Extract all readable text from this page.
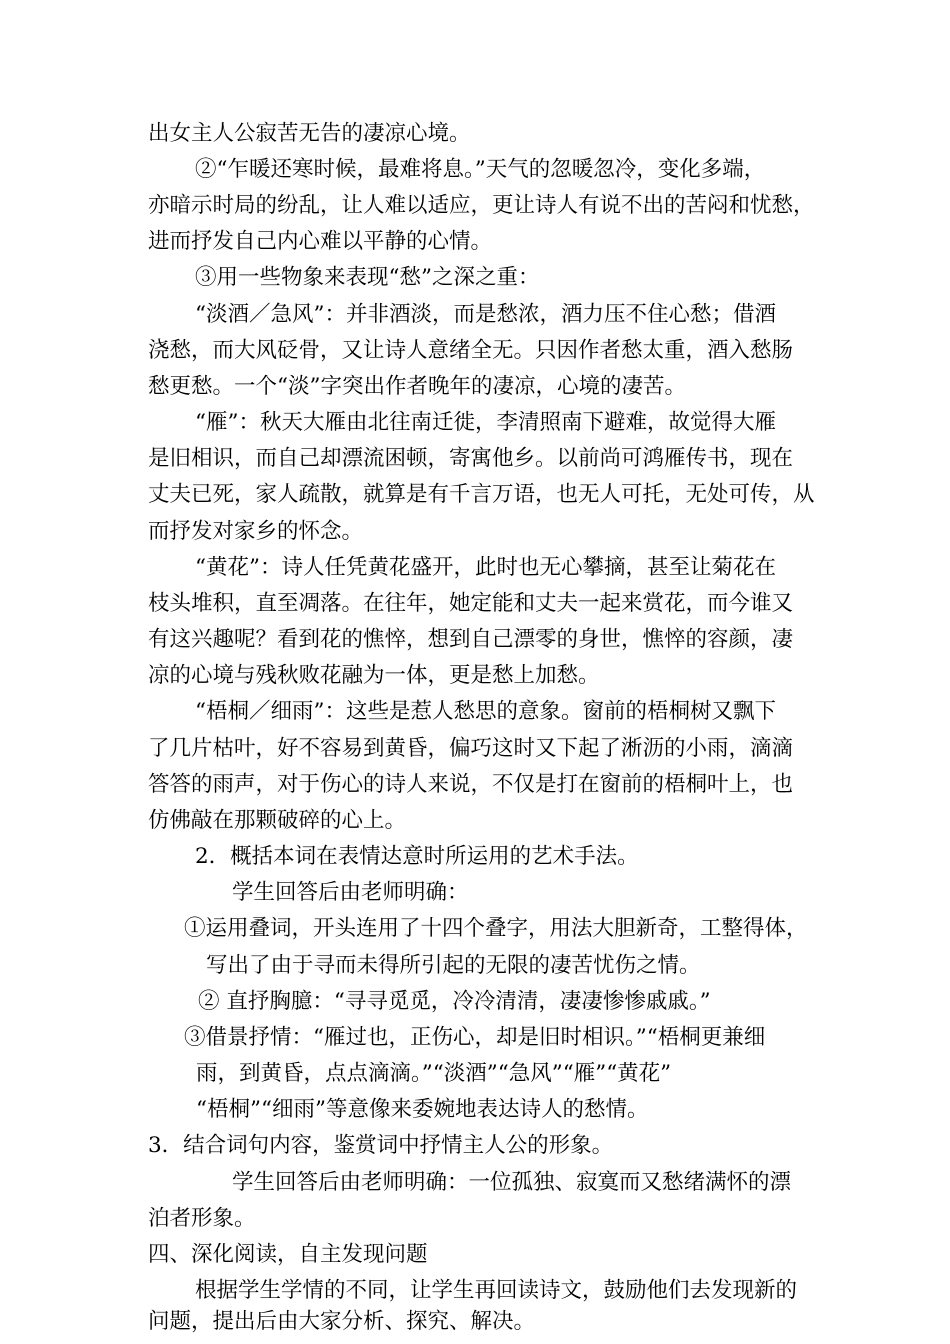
出女主人公寂苦无告的凄凉心境。
②“乍暖还寒时候，最难将息。”天气的忽暖忽冷，变化多端，
亦暗示时局的纷乱，让人难以适应，更让诗人有说不出的苦闷和忧愁，
进而抒发自己内心难以平静的心情。
③用一些物象来表现“愁”之深之重：
“淡酒／急风”：并非酒淡，而是愁浓，酒力压不住心愁；借酒
浇愁，而大风砭骨，又让诗人意绪全无。只因作者愁太重，酒入愁肠
愁更愁。一个“淡”字突出作者晚年的凄凉，心境的凄苦。
“雁”：秋天大雁由北往南迁徙，李清照南下避难，故觉得大雁
是旧相识，而自己却漂流困顿，寄寓他乡。以前尚可鸿雁传书，现在
丈夫已死，家人疏散，就算是有千言万语，也无人可托，无处可传，从
而抒发对家乡的怀念。
“黄花”：诗人任凭黄花盛开，此时也无心攀摘，甚至让菊花在
枝头堆积，直至凋落。在往年，她定能和丈夫一起来赏花，而今谁又
有这兴趣呢？看到花的憔悴，想到自己漂零的身世，憔悴的容颜，凄
凉的心境与残秋败花融为一体，更是愁上加愁。
“梧桐／细雨”：这些是惹人愁思的意象。窗前的梧桐树又飘下
了几片枯叶，好不容易到黄昏，偏巧这时又下起了淅沥的小雨，滴滴
答答的雨声，对于伤心的诗人来说，不仅是打在窗前的梧桐叶上，也
仿佛敲在那颗破碎的心上。
2．概括本词在表情达意时所运用的艺术手法。
学生回答后由老师明确：
①运用叠词，开头连用了十四个叠字，用法大胆新奇，工整得体，
写出了由于寻而未得所引起的无限的凄苦忧伤之情。
② 直抒胸臆：“寻寻觅觅，冷冷清清，凄凄惨惨戚戚。”
③借景抒情：“雁过也，正伤心，却是旧时相识。”“梧桐更兼细
雨，到黄昏，点点滴滴。”“淡酒”“急风”“雁”“黄花”
“梧桐”“细雨”等意像来委婉地表达诗人的愁情。
3．结合词句内容，鉴赏词中抒情主人公的形象。
学生回答后由老师明确：一位孤独、寂寞而又愁绪满怀的漂
泊者形象。
四、深化阅读，自主发现问题
根据学生学情的不同，让学生再回读诗文，鼓励他们去发现新的
问题，提出后由大家分析、探究、解决。
